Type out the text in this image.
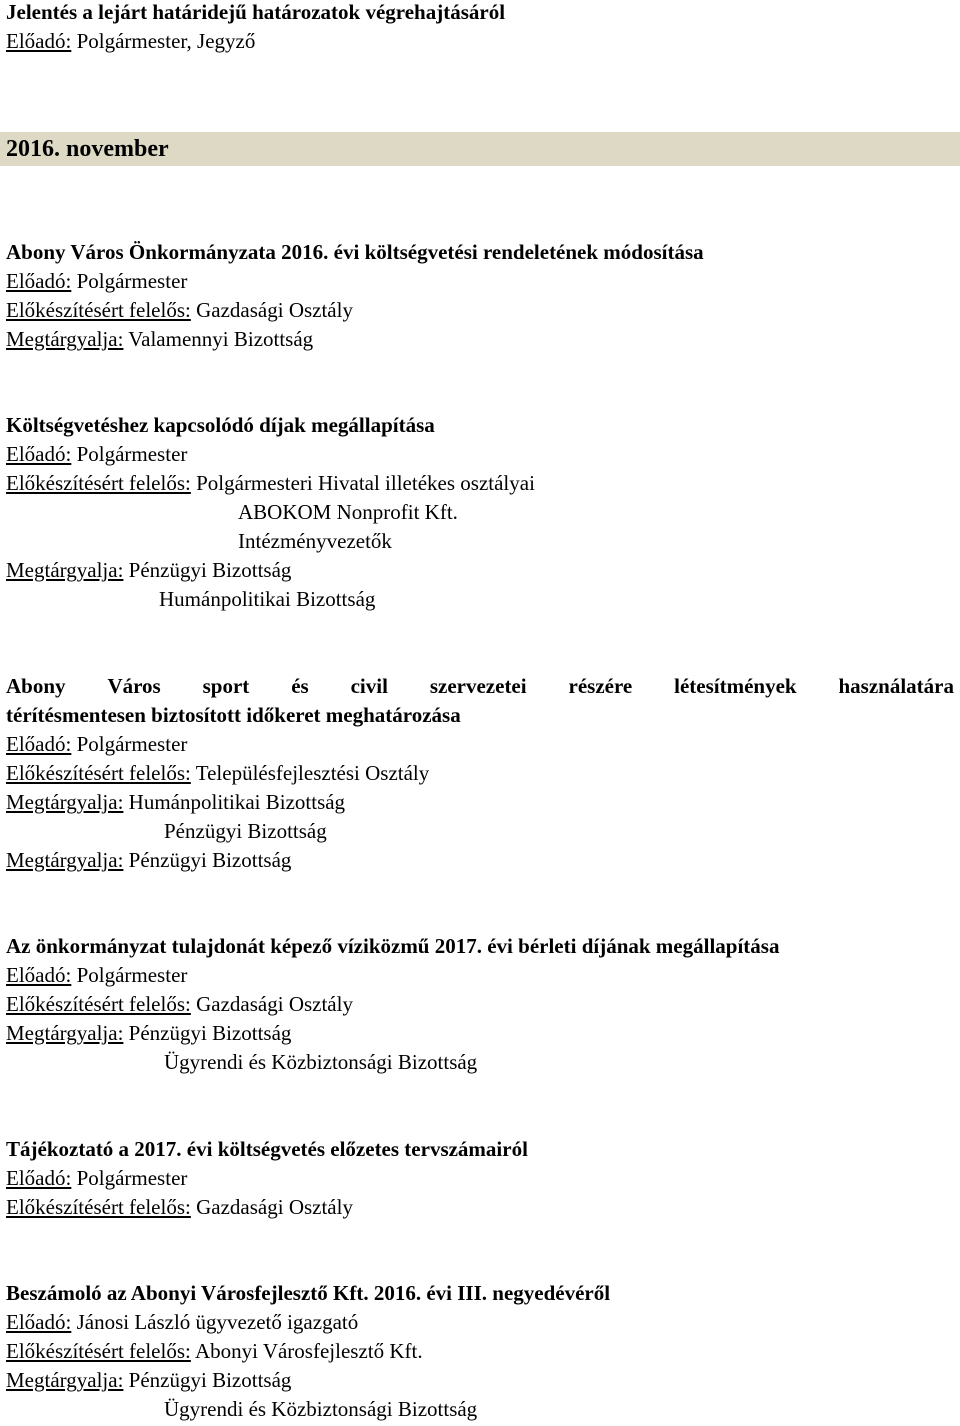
Jelentés a lejárt határidejű határozatok végrehajtásáról
Előadó: Polgármester, Jegyző
2016. november
Abony Város Önkormányzata 2016. évi költségvetési rendeletének módosítása
Előadó: Polgármester
Előkészítésért felelős: Gazdasági Osztály
Megtárgyalja: Valamennyi Bizottság
Költségvetéshez kapcsolódó díjak megállapítása
Előadó: Polgármester
Előkészítésért felelős: Polgármesteri Hivatal illetékes osztályai
ABOKOM Nonprofit Kft.
Intézményvezetők
Megtárgyalja: Pénzügyi Bizottság
Humánpolitikai Bizottság
Abony Város sport és civil szervezetei részére létesítmények használatára
térítésmentesen biztosított időkeret meghatározása
Előadó: Polgármester
Előkészítésért felelős: Településfejlesztési Osztály
Megtárgyalja: Humánpolitikai Bizottság
Pénzügyi Bizottság
Megtárgyalja: Pénzügyi Bizottság
Az önkormányzat tulajdonát képező víziközmű 2017. évi bérleti díjának megállapítása
Előadó: Polgármester
Előkészítésért felelős: Gazdasági Osztály
Megtárgyalja: Pénzügyi Bizottság
Ügyrendi és Közbiztonsági Bizottság
Tájékoztató a 2017. évi költségvetés előzetes tervszámairól
Előadó: Polgármester
Előkészítésért felelős: Gazdasági Osztály
Beszámoló az Abonyi Városfejlesztő Kft. 2016. évi III. negyedévéről
Előadó: Jánosi László ügyvezető igazgató
Előkészítésért felelős: Abonyi Városfejlesztő Kft.
Megtárgyalja: Pénzügyi Bizottság
Ügyrendi és Közbiztonsági Bizottság
